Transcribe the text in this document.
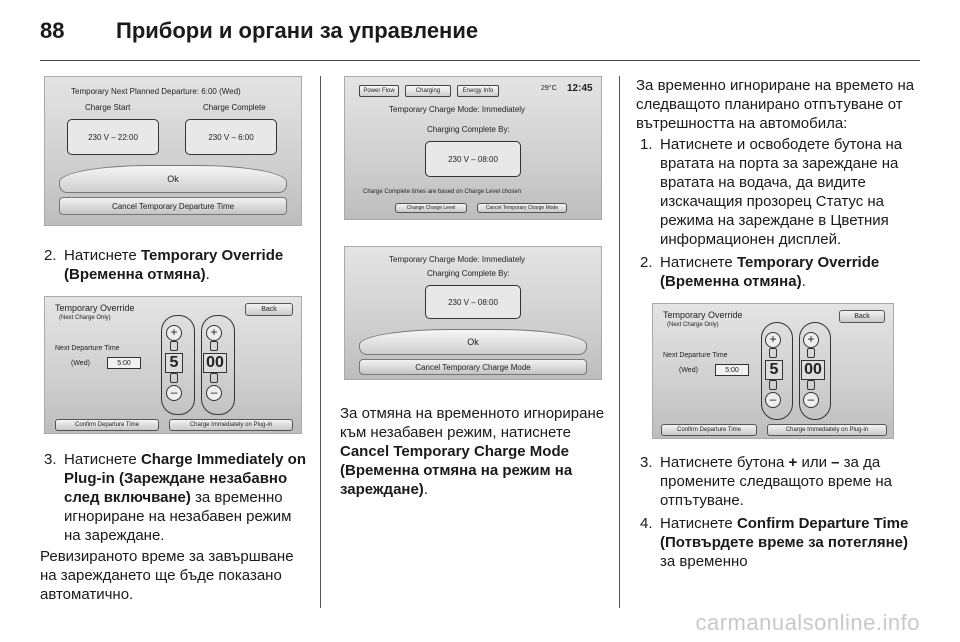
88 Прибори и органи за управление
Temporary Next Planned Departure: 6:00 (Wed)
Charge Start	Charge Complete
230 V – 22:00	230 V – 6:00
Ok
Cancel Temporary Departure Time
2. Натиснете Temporary Override (Временна отмяна).
Temporary Override
(Next Charge Only)
Back
Next Departure Time
(Wed)	5:00
+
5
–
+
00
–
Confirm Departure Time	Charge Immediately on Plug-in
3. Натиснете Charge Immediately on Plug-in (Зареждане незабавно след включване) за временно игнориране на незабавен режим на зареждане.

Ревизираното време за завършване на зареждането ще бъде показано автоматично.

Power Flow	Charging	Energy Info	29°C 12:45
Temporary Charge Mode: Immediately
Charging Complete By:
230 V – 08:00
Charge Complete times are based on Charge Level chosen
Change Charge Level	Cancel Temporary Charge Mode
Temporary Charge Mode: Immediately
Charging Complete By:
230 V – 08:00
Ok
Cancel Temporary Charge Mode

За отмяна на временното игнориране към незабавен режим, натиснете Cancel Temporary Charge Mode (Временна отмяна на режим на зареждане).

За временно игнориране на времето на следващото планирано отпътуване от вътрешността на автомобила:

1. Натиснете и освободете бутона на вратата на порта за зареждане на вратата на водача, да видите изскачащия прозорец Статус на режима на зареждане в Цветния информационен дисплей.
2. Натиснете Temporary Override (Временна отмяна).
Temporary Override
(Next Charge Only)
Back
Next Departure Time
(Wed)	5:00
+
5
–
+
00
–
Confirm Departure Time	Charge Immediately on Plug-in
3. Натиснете бутона + или – за да промените следващото време на отпътуване.
4. Натиснете Confirm Departure Time (Потвърдете време за потегляне) за временно
carmanualsonline.info
